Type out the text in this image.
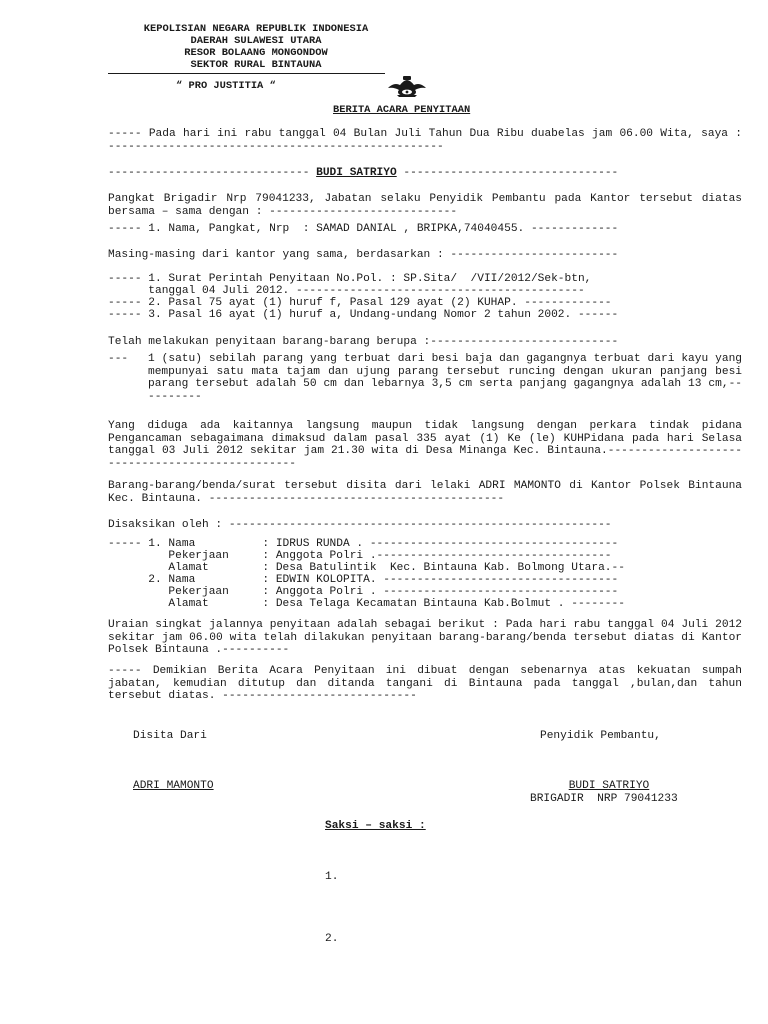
KEPOLISIAN NEGARA REPUBLIK INDONESIA
DAERAH SULAWESI UTARA
RESOR BOLAANG MONGONDOW
SEKTOR RURAL BINTAUNA
“ PRO JUSTITIA “
BERITA ACARA PENYITAAN
----- Pada hari ini rabu tanggal 04 Bulan Juli Tahun Dua Ribu duabelas jam 06.00 Wita, saya : --------------------------------------------------
------------------------------ BUDI SATRIYO --------------------------------
Pangkat Brigadir Nrp 79041233, Jabatan selaku Penyidik Pembantu pada Kantor tersebut diatas bersama – sama dengan : ----------------------------
----- 1. Nama, Pangkat, Nrp  : SAMAD DANIAL , BRIPKA,74040455. -------------
Masing-masing dari kantor yang sama, berdasarkan : -------------------------
----- 1. Surat Perintah Penyitaan No.Pol. : SP.Sita/  /VII/2012/Sek-btn,
tanggal 04 Juli 2012. -------------------------------------------
----- 2. Pasal 75 ayat (1) huruf f, Pasal 129 ayat (2) KUHAP. -------------
----- 3. Pasal 16 ayat (1) huruf a, Undang-undang Nomor 2 tahun 2002. ------
Telah melakukan penyitaan barang-barang berupa :----------------------------
--- 1 (satu) sebilah parang yang terbuat dari besi baja dan gagangnya terbuat dari kayu yang mempunyai satu mata tajam dan ujung parang tersebut runcing dengan ukuran panjang besi parang tersebut adalah 50 cm dan lebarnya 3,5 cm serta panjang gagangnya adalah 13 cm,----------
Yang diduga ada kaitannya langsung maupun tidak langsung dengan perkara tindak pidana Pengancaman sebagaimana dimaksud dalam pasal 335 ayat (1) Ke (le) KUHPidana pada hari Selasa tanggal 03 Juli 2012 sekitar jam 21.30 wita di Desa Minanga Kec. Bintauna.------------------------------------------------
Barang-barang/benda/surat tersebut disita dari lelaki ADRI MAMONTO di Kantor Polsek Bintauna Kec. Bintauna. --------------------------------------------
Disaksikan oleh : ---------------------------------------------------------
----- 1. Nama          : IDRUS RUNDA . -------------------------------------
Pekerjaan     : Anggota Polri .-----------------------------------
Alamat        : Desa Batulintik  Kec. Bintauna Kab. Bolmong Utara.--
2. Nama          : EDWIN KOLOPITA. -----------------------------------
Pekerjaan     : Anggota Polri . -----------------------------------
Alamat        : Desa Telaga Kecamatan Bintauna Kab.Bolmut . --------
Uraian singkat jalannya penyitaan adalah sebagai berikut : Pada hari rabu tanggal 04 Juli 2012 sekitar jam 06.00 wita telah dilakukan penyitaan barang-barang/benda tersebut diatas di Kantor Polsek Bintauna .----------
----- Demikian Berita Acara Penyitaan ini dibuat dengan sebenarnya atas kekuatan sumpah jabatan, kemudian ditutup dan ditanda tangani di Bintauna pada tanggal ,bulan,dan tahun tersebut diatas. -----------------------------
Disita Dari	Penyidik Pembantu,
ADRI MAMONTO	BUDI SATRIYO
BRIGADIR  NRP 79041233
Saksi – saksi :
1.
2.
